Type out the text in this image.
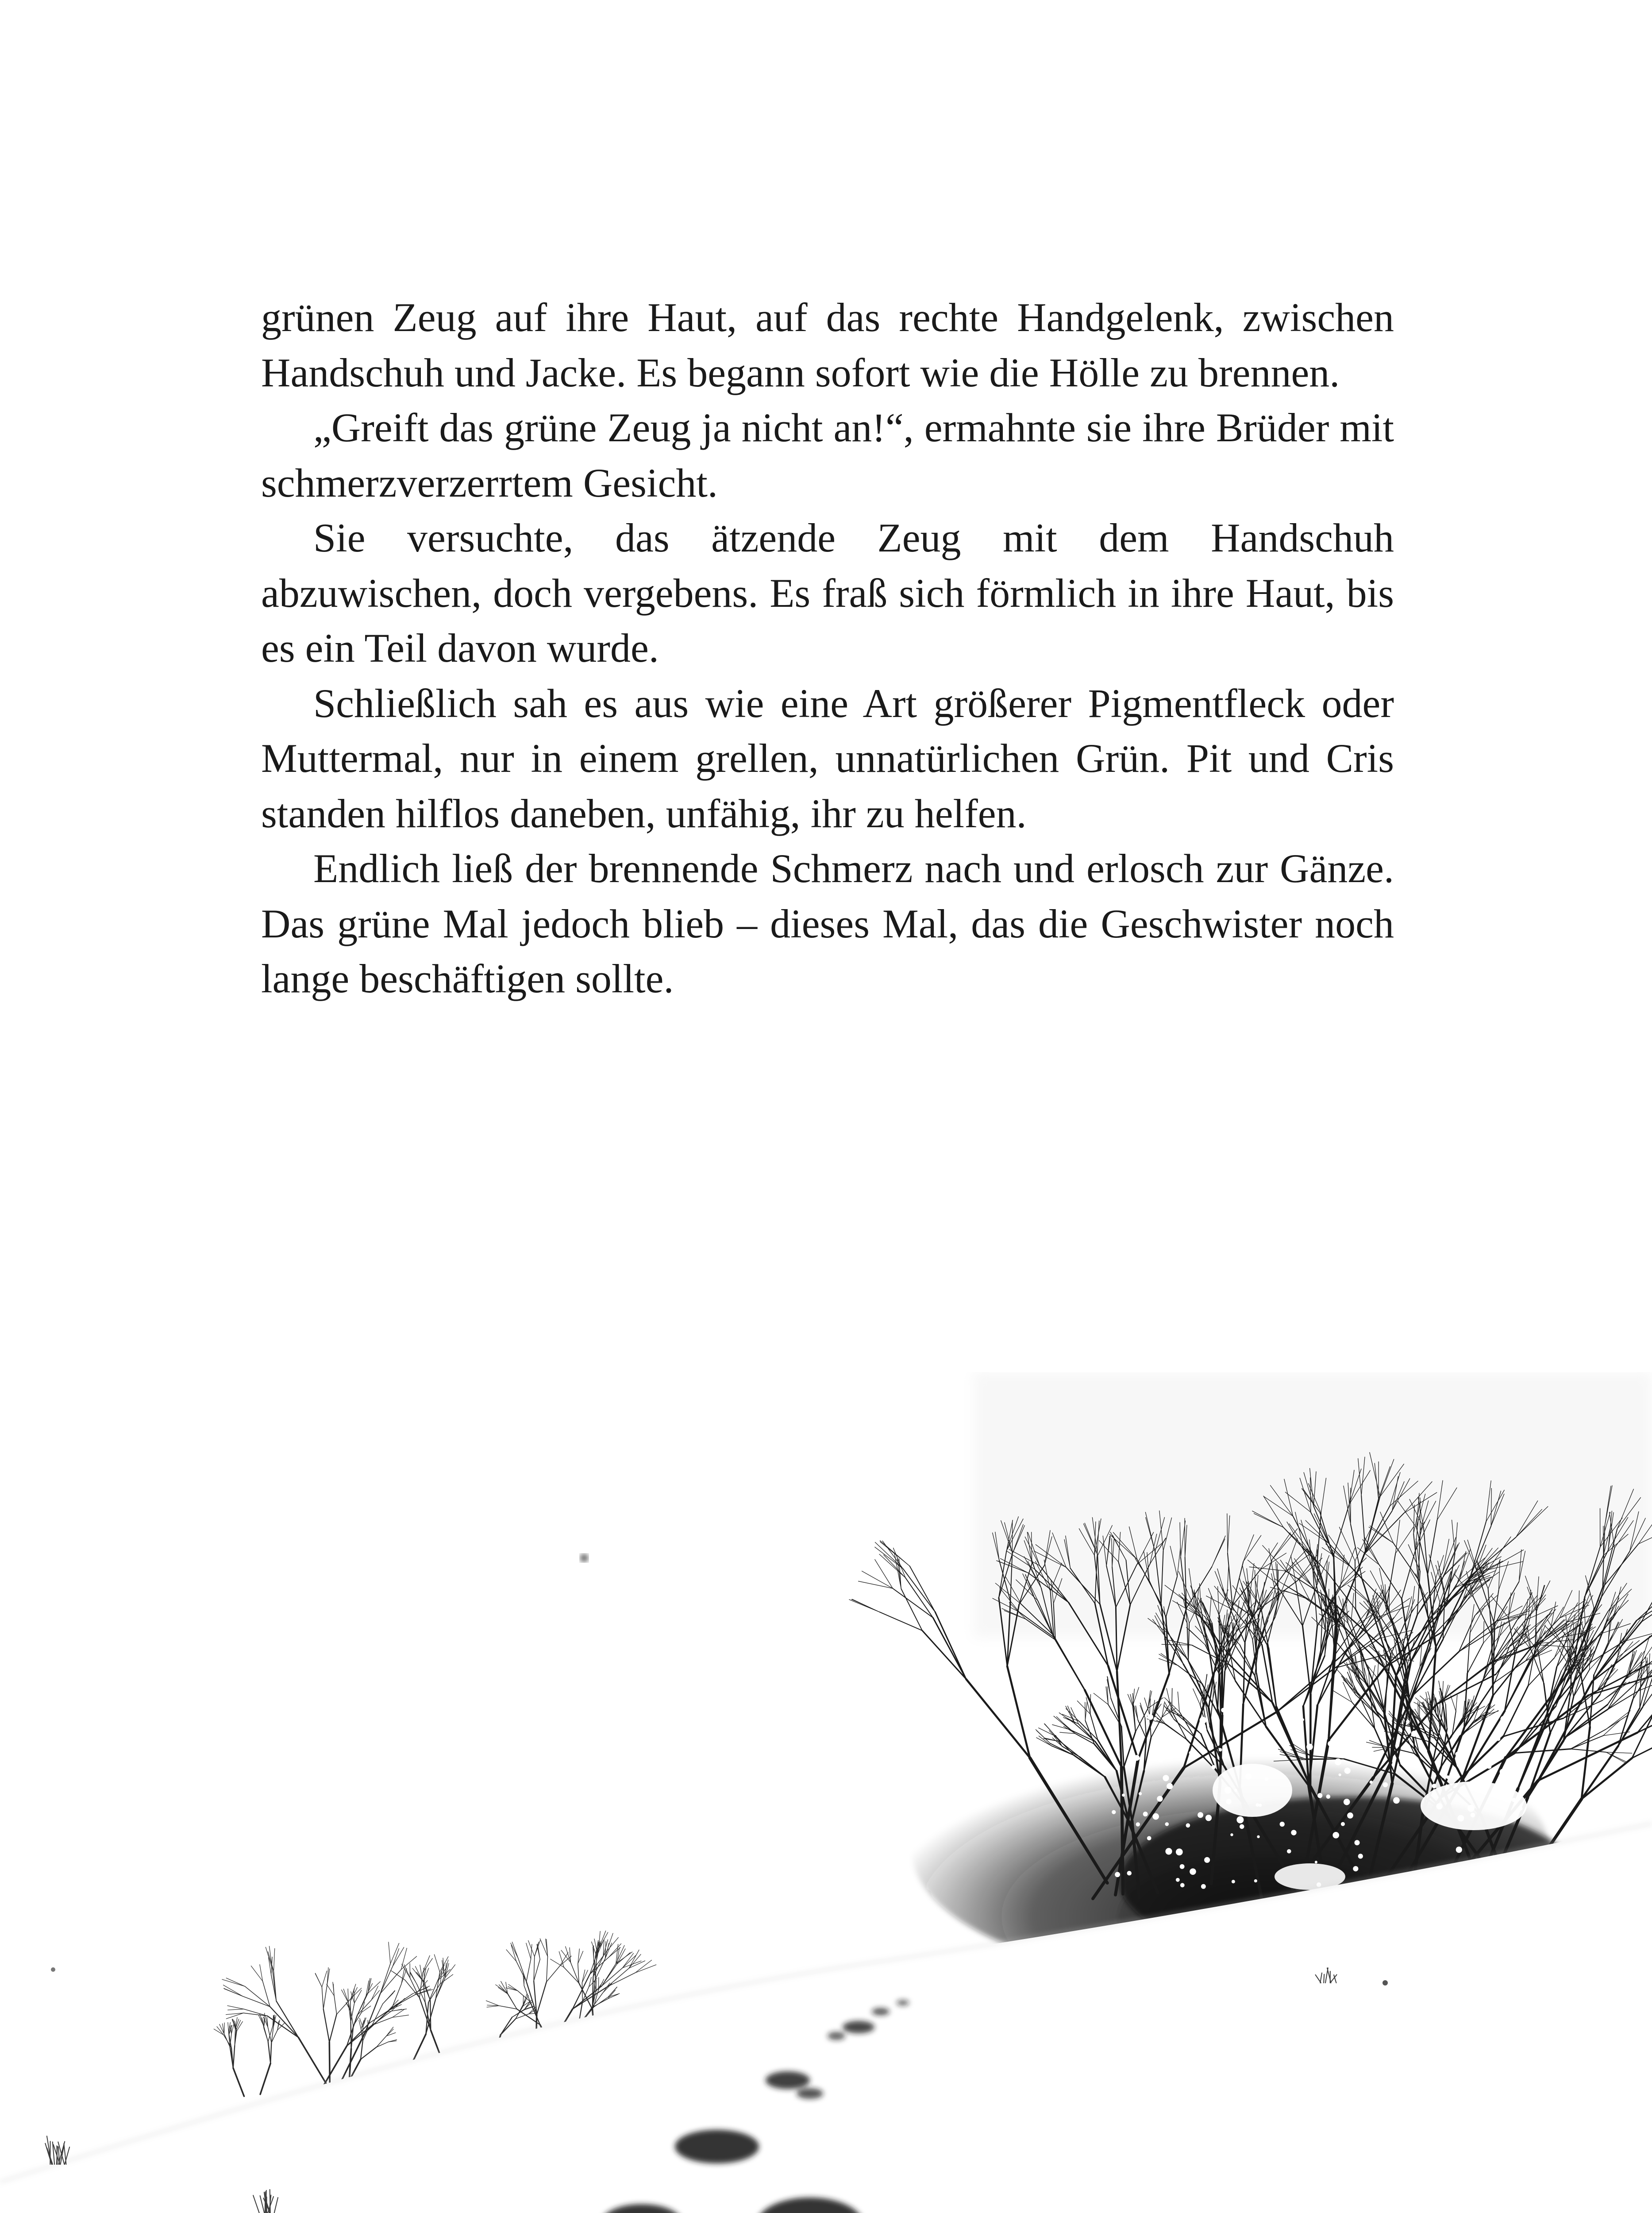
grünen Zeug auf ihre Haut, auf das rechte Handgelenk, zwischen Handschuh und Jacke. Es begann sofort wie die Hölle zu brennen.

„Greift das grüne Zeug ja nicht an!“, ermahnte sie ihre Brüder mit schmerzverzerrtem Gesicht.

Sie versuchte, das ätzende Zeug mit dem Handschuh abzuwischen, doch vergebens. Es fraß sich förmlich in ihre Haut, bis es ein Teil davon wurde.

Schließlich sah es aus wie eine Art größerer Pigmentfleck oder Muttermal, nur in einem grellen, unnatürlichen Grün. Pit und Cris standen hilflos daneben, unfähig, ihr zu helfen.

Endlich ließ der brennende Schmerz nach und erlosch zur Gänze. Das grüne Mal jedoch blieb – dieses Mal, das die Geschwister noch lange beschäftigen sollte.
